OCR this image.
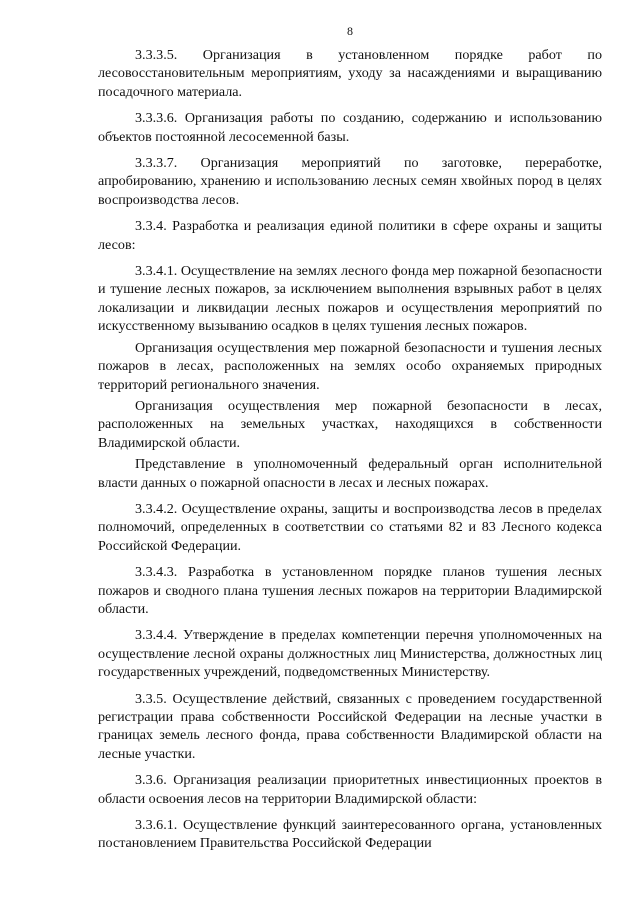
8

3.3.3.5. Организация в установленном порядке работ по лесовосстановительным мероприятиям, уходу за насаждениями и выращиванию посадочного материала.

3.3.3.6. Организация работы по созданию, содержанию и использованию объектов постоянной лесосеменной базы.

3.3.3.7. Организация мероприятий по заготовке, переработке, апробированию, хранению и использованию лесных семян хвойных пород в целях воспроизводства лесов.

3.3.4. Разработка и реализация единой политики в сфере охраны и защиты лесов:

3.3.4.1. Осуществление на землях лесного фонда мер пожарной безопасности и тушение лесных пожаров, за исключением выполнения взрывных работ в целях локализации и ликвидации лесных пожаров и осуществления мероприятий по искусственному вызыванию осадков в целях тушения лесных пожаров.

Организация осуществления мер пожарной безопасности и тушения лесных пожаров в лесах, расположенных на землях особо охраняемых природных территорий регионального значения.

Организация осуществления мер пожарной безопасности в лесах, расположенных на земельных участках, находящихся в собственности Владимирской области.

Представление в уполномоченный федеральный орган исполнительной власти данных о пожарной опасности в лесах и лесных пожарах.

3.3.4.2. Осуществление охраны, защиты и воспроизводства лесов в пределах полномочий, определенных в соответствии со статьями 82 и 83 Лесного кодекса Российской Федерации.

3.3.4.3. Разработка в установленном порядке планов тушения лесных пожаров и сводного плана тушения лесных пожаров на территории Владимирской области.

3.3.4.4. Утверждение в пределах компетенции перечня уполномоченных на осуществление лесной охраны должностных лиц Министерства, должностных лиц государственных учреждений, подведомственных Министерству.

3.3.5. Осуществление действий, связанных с проведением государственной регистрации права собственности Российской Федерации на лесные участки в границах земель лесного фонда, права собственности Владимирской области на лесные участки.

3.3.6. Организация реализации приоритетных инвестиционных проектов в области освоения лесов на территории Владимирской области:

3.3.6.1. Осуществление функций заинтересованного органа, установленных постановлением Правительства Российской Федерации
